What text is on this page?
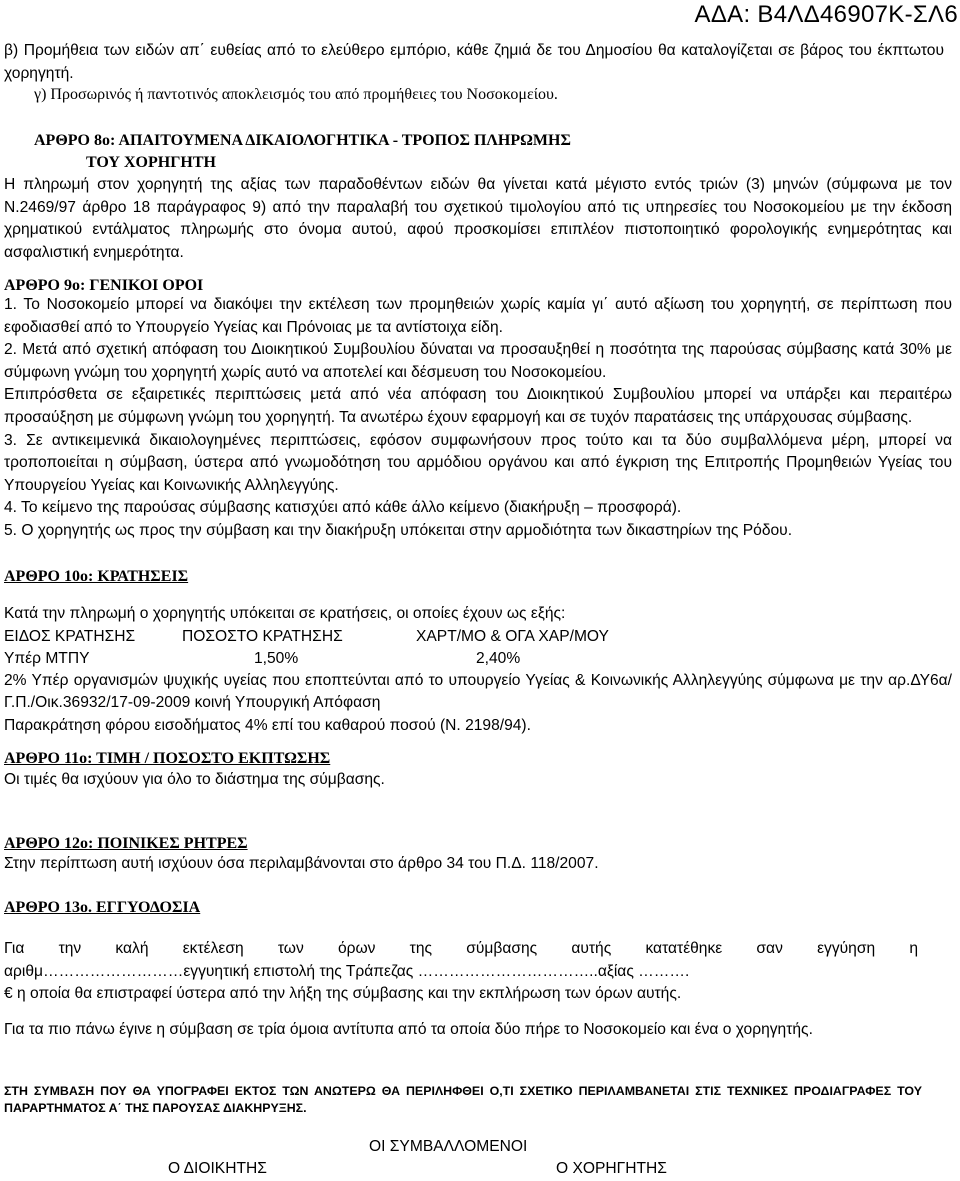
ΑΔΑ: Β4ΛΔ46907Κ-ΣΛ6

β) Προμήθεια των ειδών απ΄ ευθείας από το ελεύθερο εμπόριο, κάθε ζημιά δε του Δημοσίου θα καταλογίζεται σε βάρος του έκπτωτου χορηγητή.

γ) Προσωρινός ή παντοτινός αποκλεισμός του από προμήθειες του Νοσοκομείου.

ΑΡΘΡΟ 8ο: ΑΠΑΙΤΟΥΜΕΝΑ ΔΙΚΑΙΟΛΟΓΗΤΙΚΑ - ΤΡΟΠΟΣ ΠΛΗΡΩΜΗΣ

ΤΟΥ ΧΟΡΗΓΗΤΗ

Η πληρωμή στον χορηγητή της αξίας των παραδοθέντων ειδών θα γίνεται κατά μέγιστο εντός τριών (3) μηνών (σύμφωνα με τον Ν.2469/97 άρθρο 18 παράγραφος 9) από την παραλαβή του σχετικού τιμολογίου από τις υπηρεσίες του Νοσοκομείου με την έκδοση χρηματικού εντάλματος πληρωμής στο όνομα αυτού, αφού προσκομίσει επιπλέον πιστοποιητικό φορολογικής ενημερότητας και ασφαλιστική ενημερότητα.

ΑΡΘΡΟ 9ο: ΓΕΝΙΚΟΙ ΟΡΟΙ

1. Το Νοσοκομείο μπορεί να διακόψει την εκτέλεση των προμηθειών χωρίς καμία γι΄ αυτό αξίωση του χορηγητή, σε περίπτωση που εφοδιασθεί από το Υπουργείο Υγείας και Πρόνοιας με τα αντίστοιχα είδη.

2. Μετά από σχετική απόφαση του Διοικητικού Συμβουλίου δύναται να προσαυξηθεί η ποσότητα της παρούσας σύμβασης κατά 30% με σύμφωνη γνώμη του χορηγητή χωρίς αυτό να αποτελεί και δέσμευση του Νοσοκομείου.

Επιπρόσθετα σε εξαιρετικές περιπτώσεις μετά από νέα απόφαση του Διοικητικού Συμβουλίου μπορεί να υπάρξει και περαιτέρω προσαύξηση με σύμφωνη γνώμη του χορηγητή. Τα ανωτέρω έχουν εφαρμογή και σε τυχόν παρατάσεις της υπάρχουσας σύμβασης.

3. Σε αντικειμενικά δικαιολογημένες περιπτώσεις, εφόσον συμφωνήσουν προς τούτο και τα δύο συμβαλλόμενα μέρη, μπορεί να τροποποιείται η σύμβαση, ύστερα από γνωμοδότηση του αρμόδιου οργάνου και από έγκριση της Επιτροπής Προμηθειών Υγείας του Υπουργείου Υγείας και Κοινωνικής Αλληλεγγύης.

4. Το κείμενο της παρούσας σύμβασης κατισχύει από κάθε άλλο κείμενο (διακήρυξη – προσφορά).

5. Ο χορηγητής ως προς την σύμβαση και την διακήρυξη υπόκειται στην αρμοδιότητα των δικαστηρίων της Ρόδου.

ΑΡΘΡΟ 10ο: ΚΡΑΤΗΣΕΙΣ

Κατά την πληρωμή ο χορηγητής υπόκειται σε κρατήσεις, οι οποίες έχουν ως εξής:

ΕΙΔΟΣ ΚΡΑΤΗΣΗΣ	ΠΟΣΟΣΤΟ ΚΡΑΤΗΣΗΣ	ΧΑΡΤ/ΜΟ & ΟΓΑ ΧΑΡ/ΜΟΥ
Υπέρ ΜΤΠΥ	1,50%	2,40%

2% Υπέρ οργανισμών ψυχικής υγείας που εποπτεύνται από το υπουργείο Υγείας & Κοινωνικής Αλληλεγγύης σύμφωνα με την αρ.ΔΥ6α/Γ.Π./Οικ.36932/17-09-2009 κοινή Υπουργική Απόφαση

Παρακράτηση φόρου εισοδήματος 4% επί του καθαρού ποσού (Ν. 2198/94).

ΑΡΘΡΟ 11ο: ΤΙΜΗ / ΠΟΣΟΣΤΟ ΕΚΠΤΩΣΗΣ

Οι τιμές θα ισχύουν για όλο το διάστημα της σύμβασης.

ΑΡΘΡΟ 12ο: ΠΟΙΝΙΚΕΣ ΡΗΤΡΕΣ

Στην περίπτωση αυτή ισχύουν όσα περιλαμβάνονται στο άρθρο 34 του Π.Δ. 118/2007.

ΑΡΘΡΟ 13ο. ΕΓΓΥΟΔΟΣΙΑ

Για την καλή εκτέλεση των όρων της σύμβασης αυτής κατατέθηκε σαν εγγύηση η

αριθμ………………………εγγυητική επιστολή της Τράπεζας ……………………………..αξίας ……….

€ η οποία θα επιστραφεί ύστερα από την λήξη της σύμβασης και την εκπλήρωση των όρων αυτής.

Για τα πιο πάνω έγινε η σύμβαση σε τρία όμοια αντίτυπα από τα οποία δύο πήρε το Νοσοκομείο και ένα ο χορηγητής.

ΣΤΗ ΣΥΜΒΑΣΗ ΠΟΥ ΘΑ ΥΠΟΓΡΑΦΕΙ ΕΚΤΟΣ ΤΩΝ ΑΝΩΤΕΡΩ ΘΑ ΠΕΡΙΛΗΦΘΕΙ Ο,ΤΙ ΣΧΕΤΙΚΟ ΠΕΡΙΛΑΜΒΑΝΕΤΑΙ ΣΤΙΣ ΤΕΧΝΙΚΕΣ ΠΡΟΔΙΑΓΡΑΦΕΣ ΤΟΥ ΠΑΡΑΡΤΗΜΑΤΟΣ Α΄ ΤΗΣ ΠΑΡΟΥΣΑΣ ΔΙΑΚΗΡΥΞΗΣ.

ΟΙ ΣΥΜΒΑΛΛΟΜΕΝΟΙ

Ο ΔΙΟΙΚΗΤΗΣ	Ο ΧΟΡΗΓΗΤΗΣ
